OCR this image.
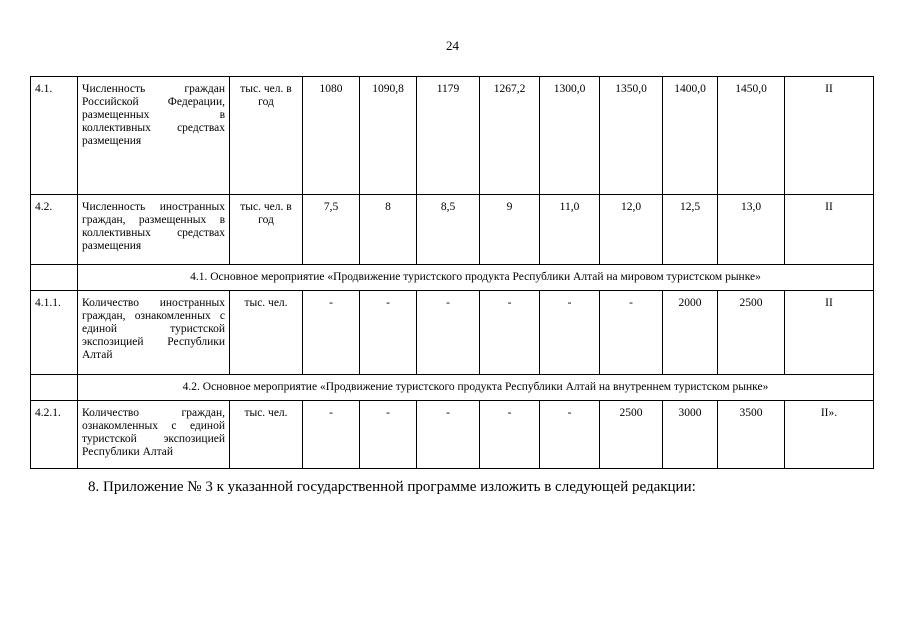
24
4.1.	Численность граждан Российской Федерации, размещенных в коллективных средствах размещения	тыс. чел. в год	1080	1090,8	1179	1267,2	1300,0	1350,0	1400,0	1450,0	II
4.2.	Численность иностранных граждан, размещенных в коллективных средствах размещения	тыс. чел. в год	7,5	8	8,5	9	11,0	12,0	12,5	13,0	II
	4.1. Основное мероприятие «Продвижение туристского продукта Республики Алтай на мировом туристском рынке»										
4.1.1.	Количество иностранных граждан, ознакомленных с единой туристской экспозицией Республики Алтай	тыс. чел.	-	-	-	-	-	-	2000	2500	II
	4.2. Основное мероприятие «Продвижение туристского продукта Республики Алтай на внутреннем туристском рынке»										
4.2.1.	Количество граждан, ознакомленных с единой туристской экспозицией Республики Алтай	тыс. чел.	-	-	-	-	-	2500	3000	3500	II».
8. Приложение № 3 к указанной государственной программе изложить в следующей редакции:
